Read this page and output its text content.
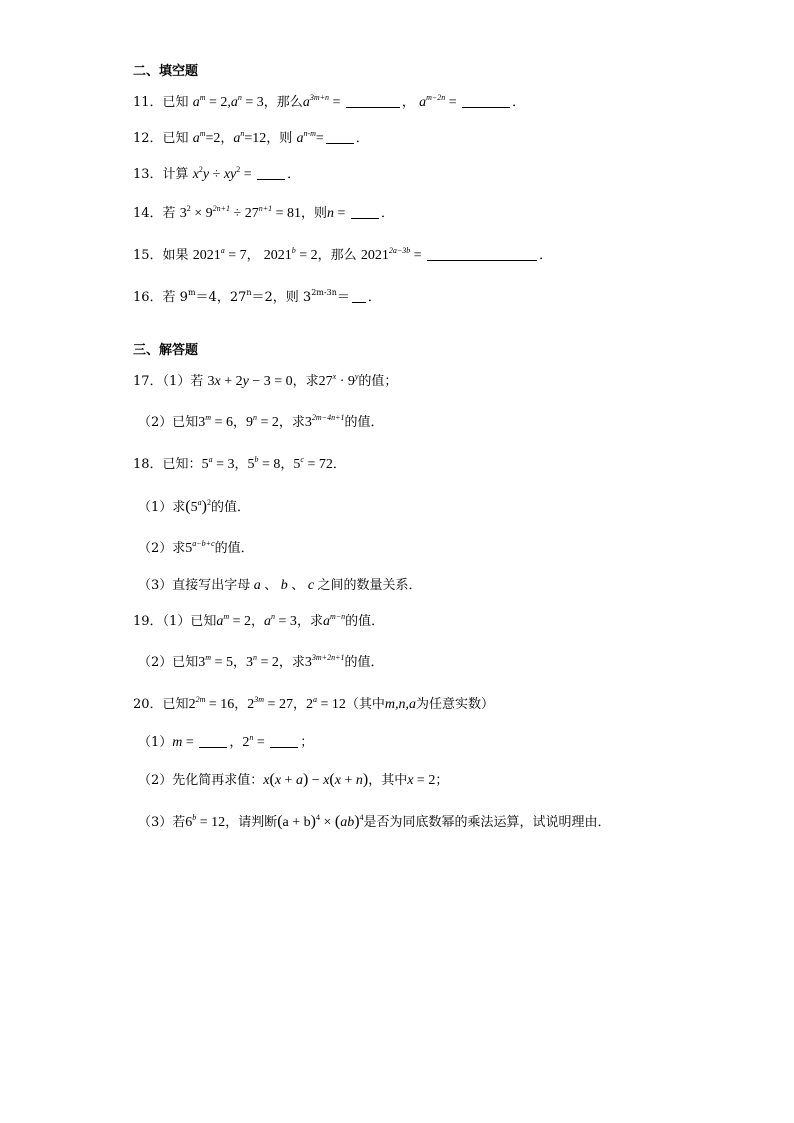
二、填空题
11．已知 $a^m = 2,a^n = 3$，那么$a^{3m+n}$ =	， $a^{m-2n}$ =	．
12．已知 $a^m=2$，$a^n=12$，则 $a^{n-m}=$ ．
13．计算 $x^2y \div xy^2$ = ．
14．若 $3^2 \times 9^{2n+1} \div 27^{n+1} = 81$，则n = ．
15．如果 $2021^a = 7$， $2021^b = 2$，那么 $2021^{2a-3b}$ =	．
16．若 $9^m=4$，$27^n=2$，则 $3^{2m-3n}=$ ．
三、解答题
17．（1）若 3x + 2y − 3 = 0，求$27^x \cdot 9^y$的值；
（2）已知$3^m = 6$，$9^n = 2$，求$3^{2m-4n+1}$的值．
18．已知：$5^a = 3$，$5^b = 8$，$5^c = 72$．
（1）求$(5^a)^2$的值．
（2）求$5^{a-b+c}$的值．
（3）直接写出字母 a 、 b 、 c 之间的数量关系．
19．（1）已知$a^m = 2$，$a^n = 3$，求$a^{m-n}$的值．
（2）已知$3^m = 5$，$3^n = 2$，求$3^{3m+2n+1}$的值．
20．已知$2^{2m} = 16$，$2^{3m} = 27$，$2^a = 12$（其中m,n,a为任意实数）
（1）m = ，$2^n$ = ；
（2）先化简再求值：x(x + a) − x(x + n)，其中x = 2；
（3）若$6^b = 12$，请判断$(a + b)^4 \times (ab)^4$是否为同底数幂的乘法运算，试说明理由．
